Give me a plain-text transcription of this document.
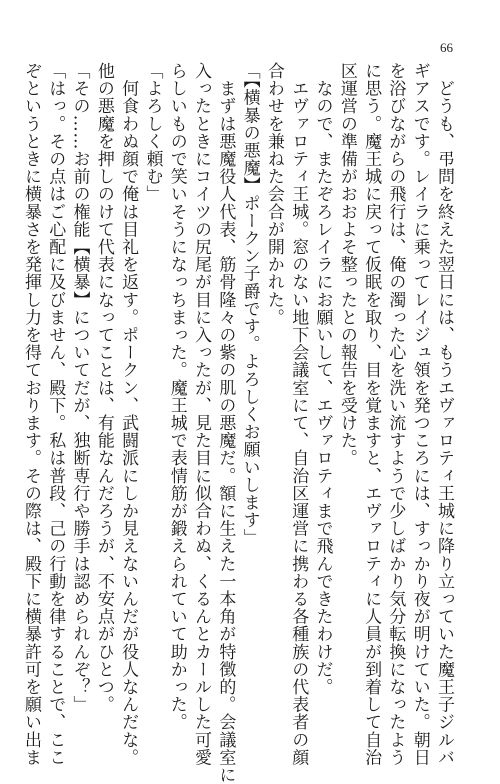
66

　どうも、弔問を終えた翌日には、もうエヴァロティ王城に降り立っていた魔王子ジルバ

ギアスです。レイラに乗ってレイジュ領を発つころには、すっかり夜が明けていた。朝日

を浴びながらの飛行は、俺の濁った心を洗い流すようで少しばかり気分転換になったよう

に思う。魔王城に戻って仮眠を取り、目を覚ますと、エヴァロティに人員が到着して自治

区運営の準備がおおよそ整ったとの報告を受けた。

　なので、またぞろレイラにお願いして、エヴァロティまで飛んできたわけだ。

　エヴァロティ王城。窓のない地下会議室にて、自治区運営に携わる各種族の代表者の顔

合わせを兼ねた会合が開かれた。

「【横暴の悪魔】ポークン子爵です。よろしくお願いします」

　まずは悪魔役人代表、筋骨隆々の紫の肌の悪魔だ。額に生えた一本角が特徴的。会議室に

入ったときにコイツの尻尾が目に入ったが、見た目に似合わぬ、くるんとカールした可愛

らしいもので笑いそうになっちまった。魔王城で表情筋が鍛えられていて助かった。

「よろしく頼む」

　何食わぬ顔で俺は目礼を返す。ポークン、武闘派にしか見えないんだが役人なんだな。

他の悪魔を押しのけて代表になってことは、有能なんだろうが、不安点がひとつ。

「その……お前の権能【横暴】についてだが、独断専行や勝手は認められんぞ？」

「はっ。その点はご心配に及びません、殿下。私は普段、己の行動を律することで、ここ

ぞというときに横暴さを発揮し力を得ております。その際は、殿下に横暴許可を願い出ま
